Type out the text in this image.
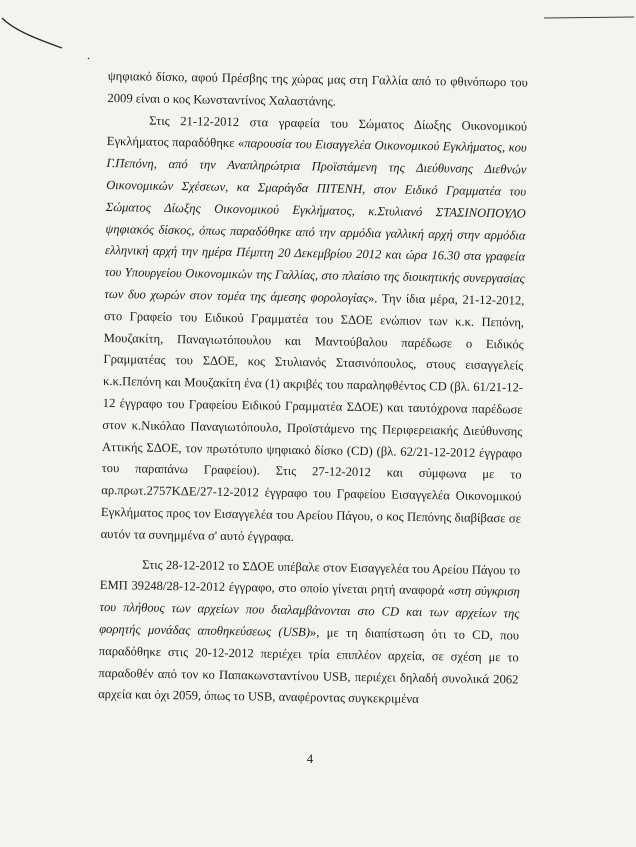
ψηφιακό δίσκο, αφού Πρέσβης της χώρας μας στη Γαλλία από το φθινόπωρο του 2009 είναι ο κος Κωνσταντίνος Χαλαστάνης.

Στις 21-12-2012 στα γραφεία του Σώματος Δίωξης Οικονομικού Εγκλήματος παραδόθηκε «παρουσία του Εισαγγελέα Οικονομικού Εγκλήματος, κου Γ.Πεπόνη, από την Αναπληρώτρια Προϊστάμενη της Διεύθυνσης Διεθνών Οικονομικών Σχέσεων, κα Σμαράγδα ΠΙΤΕΝΗ, στον Ειδικό Γραμματέα του Σώματος Δίωξης Οικονομικού Εγκλήματος, κ.Στυλιανό ΣΤΑΣΙΝΟΠΟΥΛΟ ψηφιακός δίσκος, όπως παραδόθηκε από την αρμόδια γαλλική αρχή στην αρμόδια ελληνική αρχή την ημέρα Πέμπτη 20 Δεκεμβρίου 2012 και ώρα 16.30 στα γραφεία του Υπουργείου Οικονομικών της Γαλλίας, στο πλαίσιο της διοικητικής συνεργασίας των δυο χωρών στον τομέα της άμεσης φορολογίας». Την ίδια μέρα, 21-12-2012, στο Γραφείο του Ειδικού Γραμματέα του ΣΔΟΕ ενώπιον των κ.κ. Πεπόνη, Μουζακίτη, Παναγιωτόπουλου και Μαντούβαλου παρέδωσε ο Ειδικός Γραμματέας του ΣΔΟΕ, κος Στυλιανός Στασινόπουλος, στους εισαγγελείς κ.κ.Πεπόνη και Μουζακίτη ένα (1) ακριβές του παραληφθέντος CD (βλ. 61/21-12-12 έγγραφο του Γραφείου Ειδικού Γραμματέα ΣΔΟΕ) και ταυτόχρονα παρέδωσε στον κ.Νικόλαο Παναγιωτόπουλο, Προϊστάμενο της Περιφερειακής Διεύθυνσης Αττικής ΣΔΟΕ, τον πρωτότυπο ψηφιακό δίσκο (CD) (βλ. 62/21-12-2012 έγγραφο του παραπάνω Γραφείου). Στις 27-12-2012 και σύμφωνα με το αρ.πρωτ.2757ΚΔΕ/27-12-2012 έγγραφο του Γραφείου Εισαγγελέα Οικονομικού Εγκλήματος προς τον Εισαγγελέα του Αρείου Πάγου, ο κος Πεπόνης διαβίβασε σε αυτόν τα συνημμένα σ' αυτό έγγραφα.

Στις 28-12-2012 το ΣΔΟΕ υπέβαλε στον Εισαγγελέα του Αρείου Πάγου το ΕΜΠ 39248/28-12-2012 έγγραφο, στο οποίο γίνεται ρητή αναφορά «στη σύγκριση του πλήθους των αρχείων που διαλαμβάνονται στο CD και των αρχείων της φορητής μονάδας αποθηκεύσεως (USB)», με τη διαπίστωση ότι το CD, που παραδόθηκε στις 20-12-2012 περιέχει τρία επιπλέον αρχεία, σε σχέση με το παραδοθέν από τον κο Παπακωνσταντίνου USB, περιέχει δηλαδή συνολικά 2062 αρχεία και όχι 2059, όπως το USB, αναφέροντας συγκεκριμένα

4
